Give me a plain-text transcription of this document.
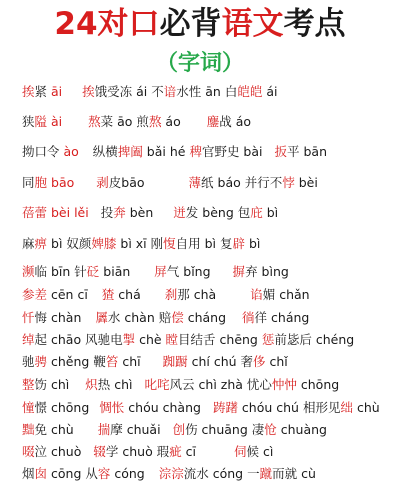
24对口必背语文考点
（字词）
挨紧 āi 挨饿受冻 ái 不谙水性 ān 白皑皑 ái
狭隘 ài 熬菜 āo 煎熬 áo 鏖战 áo
拗口令 ào 纵横捭阖 bǎi hé 稗官野史 bài 扳平 bān
同胞 bāo 剥皮bāo	薄纸 báo 并行不悖 bèi
蓓蕾 bèi lěi 投奔 bèn 迸发 bèng 包庇 bì
麻痹 bì 奴颜婢膝 bì xī 刚愎自用 bì 复辟 bì
濒临 bīn 针砭 biān 屏气 bǐng 摒弃 bìng
参差 cēn cī 猹 chá 刹那 chà	谄媚 chǎn
忏悔 chàn 羼水 chàn 赔偿 cháng 徜徉 cháng
绰起 chāo 风驰电掣 chè 瞠目结舌 chēng 惩前毖后 chéng
驰骋 chěng 鞭笞 chī 踟蹰 chí chú 奢侈 chǐ
整饬 chì 炽热 chì 叱咤风云 chì zhà 忧心忡忡 chōng
憧憬 chōng 惆怅 chóu chàng 踌躇 chóu chú 相形见绌 chù
黜免 chù 揣摩 chuǎi 创伤 chuāng 凄怆 chuàng
啜泣 chuò 辍学 chuò 瑕疵 cī	伺候 cì
烟囱 cōng 从容 cóng 淙淙流水 cóng 一蹴而就 cù
